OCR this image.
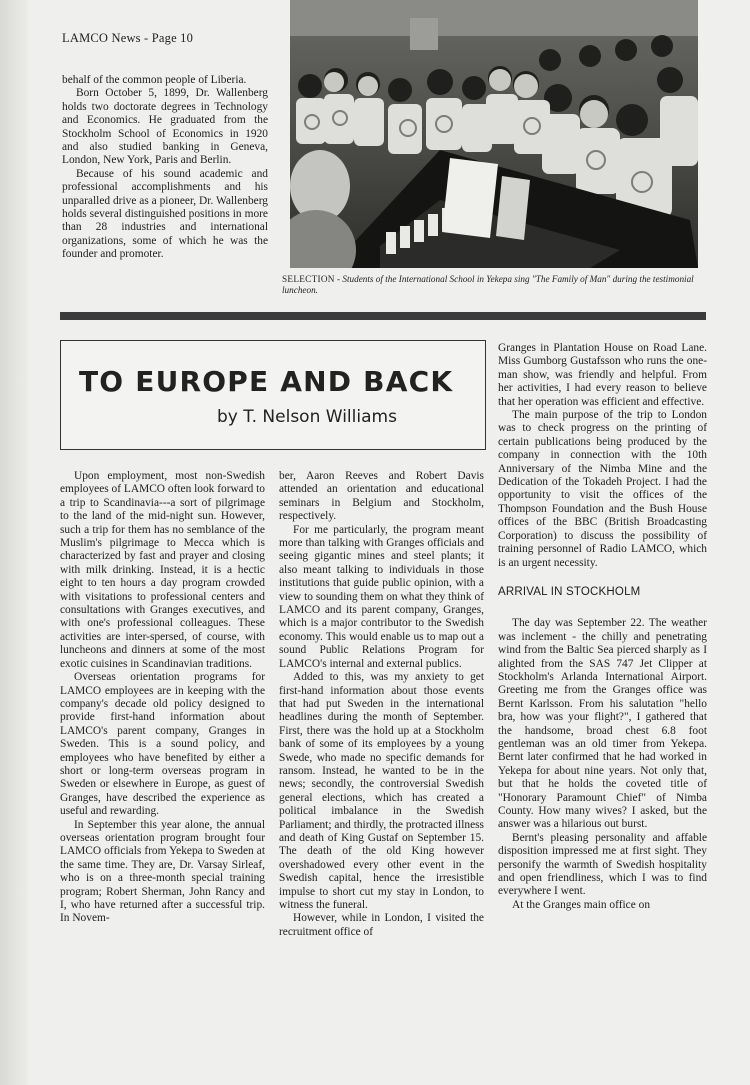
LAMCO News - Page 10

behalf of the common people of Liberia.

Born October 5, 1899, Dr. Wallenberg holds two doctorate degrees in Technology and Economics. He graduated from the Stockholm School of Economics in 1920 and also studied banking in Geneva, London, New York, Paris and Berlin.

Because of his sound academic and professional accomplishments and his unparalled drive as a pioneer, Dr. Wallenberg holds several distinguished positions in more than 28 industries and international organizations, some of which he was the founder and promoter.

SELECTION - Students of the International School in Yekepa sing "The Family of Man" during the testimonial luncheon.
TO EUROPE AND BACK
by T. Nelson Williams

Upon employment, most non-Swedish employees of LAMCO often look forward to a trip to Scandinavia---a sort of pilgrimage to the land of the mid-night sun. However, such a trip for them has no semblance of the Muslim's pilgrimage to Mecca which is characterized by fast and prayer and closing with milk drinking. Instead, it is a hectic eight to ten hours a day program crowded with visitations to professional centers and consultations with Granges executives, and with one's professional colleagues. These activities are inter-spersed, of course, with luncheons and dinners at some of the most exotic cuisines in Scandinavian traditions.

Overseas orientation programs for LAMCO employees are in keeping with the company's decade old policy designed to provide first-hand information about LAMCO's parent company, Granges in Sweden. This is a sound policy, and employees who have benefited by either a short or long-term overseas program in Sweden or elsewhere in Europe, as guest of Granges, have described the experience as useful and rewarding.

In September this year alone, the annual overseas orientation program brought four LAMCO officials from Yekepa to Sweden at the same time. They are, Dr. Varsay Sirleaf, who is on a three-month special training program; Robert Sherman, John Rancy and I, who have returned after a successful trip. In Novem-

ber, Aaron Reeves and Robert Davis attended an orientation and educational seminars in Belgium and Stockholm, respectively.

For me particularly, the program meant more than talking with Granges officials and seeing gigantic mines and steel plants; it also meant talking to individuals in those institutions that guide public opinion, with a view to sounding them on what they think of LAMCO and its parent company, Granges, which is a major contributor to the Swedish economy. This would enable us to map out a sound Public Relations Program for LAMCO's internal and external publics.

Added to this, was my anxiety to get first-hand information about those events that had put Sweden in the international headlines during the month of September. First, there was the hold up at a Stockholm bank of some of its employees by a young Swede, who made no specific demands for ransom. Instead, he wanted to be in the news; secondly, the controversial Swedish general elections, which has created a political imbalance in the Swedish Parliament; and thirdly, the protracted illness and death of King Gustaf on September 15. The death of the old King however overshadowed every other event in the Swedish capital, hence the irresistible impulse to short cut my stay in London, to witness the funeral.

However, while in London, I visited the recruitment office of

Granges in Plantation House on Road Lane. Miss Gumborg Gustafsson who runs the one-man show, was friendly and helpful. From her activities, I had every reason to believe that her operation was efficient and effective.

The main purpose of the trip to London was to check progress on the printing of certain publications being produced by the company in connection with the 10th Anniversary of the Nimba Mine and the Dedication of the Tokadeh Project. I had the opportunity to visit the offices of the Thompson Foundation and the Bush House offices of the BBC (British Broadcasting Corporation) to discuss the possibility of training personnel of Radio LAMCO, which is an urgent necessity.

ARRIVAL IN STOCKHOLM

The day was September 22. The weather was inclement - the chilly and penetrating wind from the Baltic Sea pierced sharply as I alighted from the SAS 747 Jet Clipper at Stockholm's Arlanda International Airport. Greeting me from the Granges office was Bernt Karlsson. From his salutation "hello bra, how was your flight?", I gathered that the handsome, broad chest 6.8 foot gentleman was an old timer from Yekepa. Bernt later confirmed that he had worked in Yekepa for about nine years. Not only that, but that he holds the coveted title of "Honorary Paramount Chief" of Nimba County. How many wives? I asked, but the answer was a hilarious out burst.

Bernt's pleasing personality and affable disposition impressed me at first sight. They personify the warmth of Swedish hospitality and open friendliness, which I was to find everywhere I went.

At the Granges main office on
